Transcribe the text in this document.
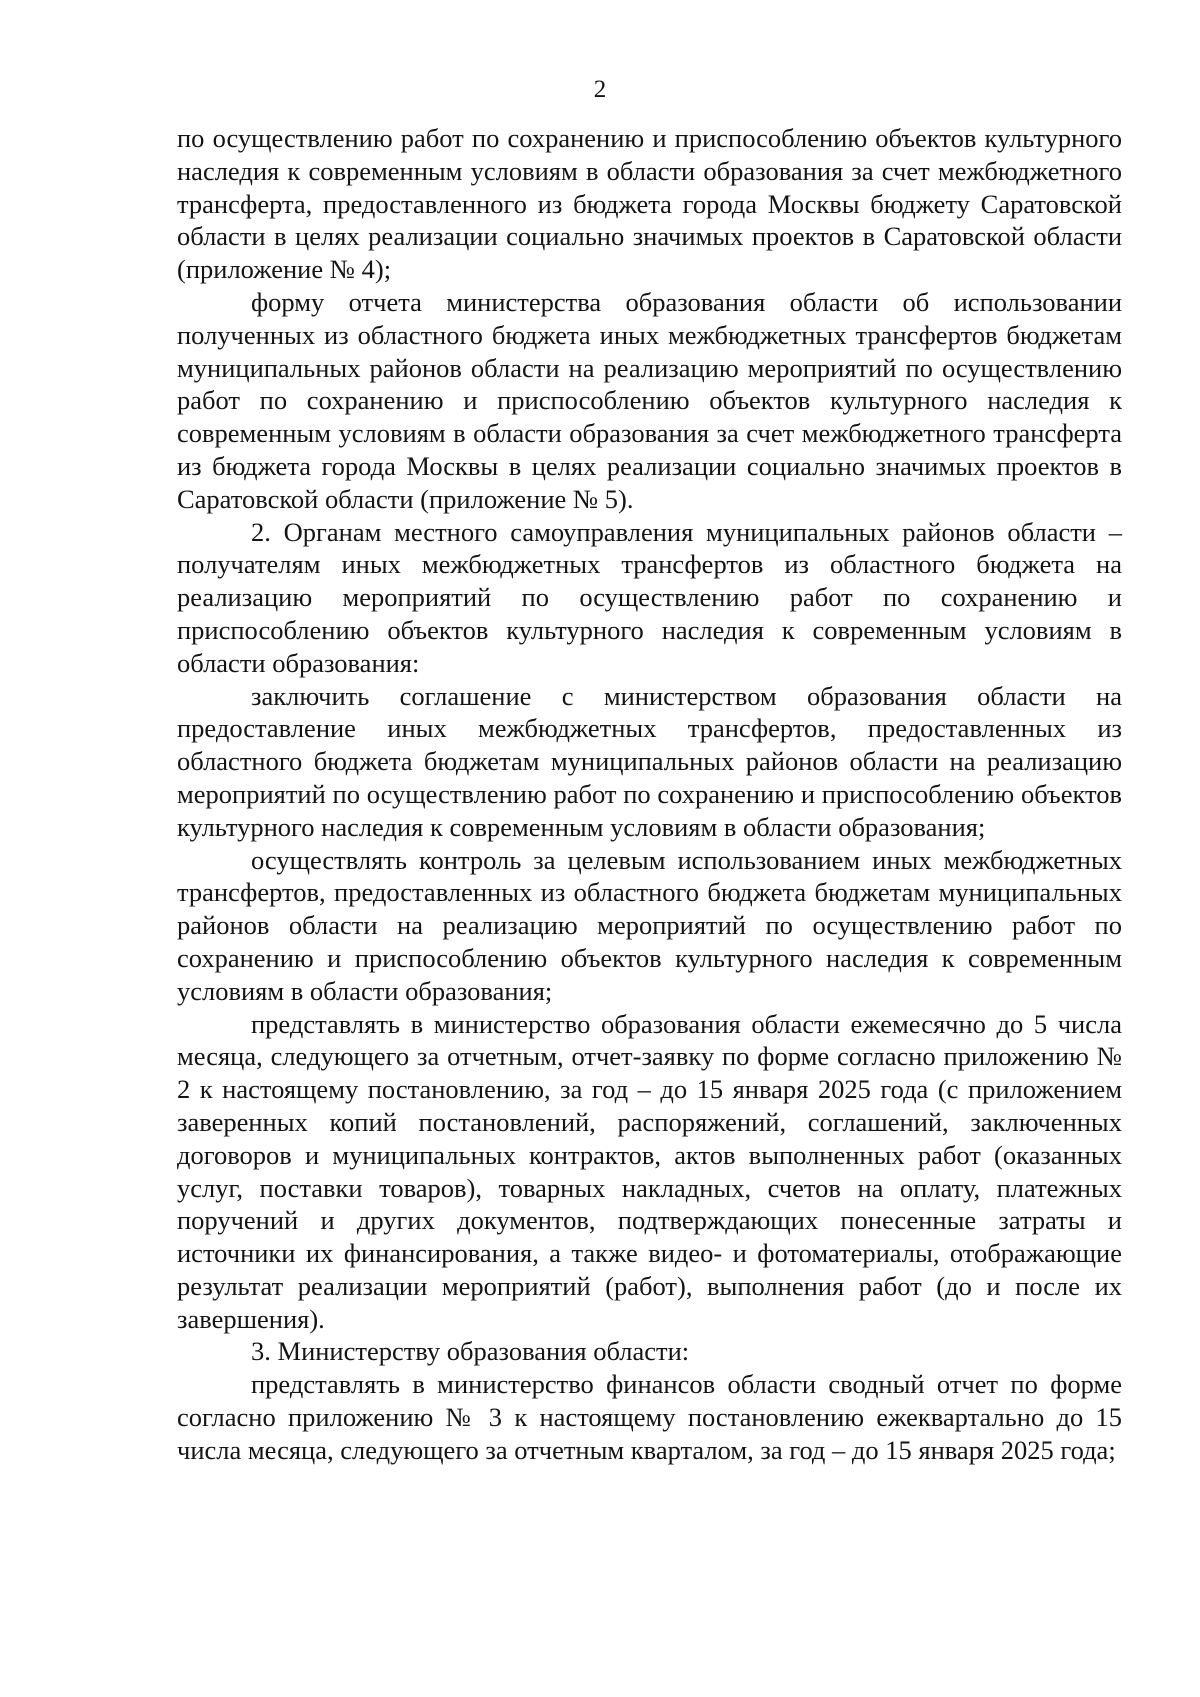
2

по осуществлению работ по сохранению и приспособлению объектов культурного наследия к современным условиям в области образования за счет межбюджетного трансферта, предоставленного из бюджета города Москвы бюджету Саратовской области в целях реализации социально значимых проектов в Саратовской области (приложение № 4);

форму отчета министерства образования области об использовании полученных из областного бюджета иных межбюджетных трансфертов бюджетам муниципальных районов области на реализацию мероприятий по осуществлению работ по сохранению и приспособлению объектов культурного наследия к современным условиям в области образования за счет межбюджетного трансферта из бюджета города Москвы в целях реализации социально значимых проектов в Саратовской области (приложение № 5).

2. Органам местного самоуправления муниципальных районов области – получателям иных межбюджетных трансфертов из областного бюджета на реализацию мероприятий по осуществлению работ по сохранению и приспособлению объектов культурного наследия к современным условиям в области образования:

заключить соглашение с министерством образования области на предоставление иных межбюджетных трансфертов, предоставленных из областного бюджета бюджетам муниципальных районов области на реализацию мероприятий по осуществлению работ по сохранению и приспособлению объектов культурного наследия к современным условиям в области образования;

осуществлять контроль за целевым использованием иных межбюджетных трансфертов, предоставленных из областного бюджета бюджетам муниципальных районов области на реализацию мероприятий по осуществлению работ по сохранению и приспособлению объектов культурного наследия к современным условиям в области образования;

представлять в министерство образования области ежемесячно до 5 числа месяца, следующего за отчетным, отчет-заявку по форме согласно приложению № 2 к настоящему постановлению, за год – до 15 января 2025 года (с приложением заверенных копий постановлений, распоряжений, соглашений, заключенных договоров и муниципальных контрактов, актов выполненных работ (оказанных услуг, поставки товаров), товарных накладных, счетов на оплату, платежных поручений и других документов, подтверждающих понесенные затраты и источники их финансирования, а также видео- и фотоматериалы, отображающие результат реализации мероприятий (работ), выполнения работ (до и после их завершения).

3. Министерству образования области:

представлять в министерство финансов области сводный отчет по форме согласно приложению № 3 к настоящему постановлению ежеквартально до 15 числа месяца, следующего за отчетным кварталом, за год – до 15 января 2025 года;
